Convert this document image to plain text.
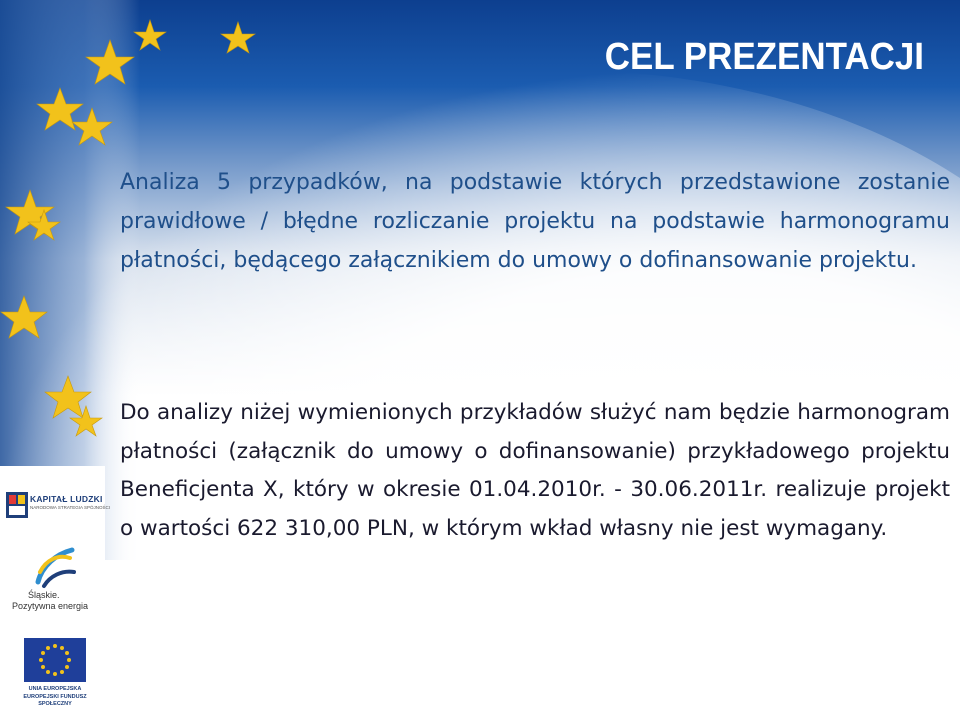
CEL PREZENTACJI
Analiza 5 przypadków, na podstawie których przedstawione zostanie prawidłowe / błędne rozliczanie projektu na podstawie harmonogramu płatności, będącego załącznikiem do umowy o dofinansowanie projektu.
Do analizy niżej wymienionych przykładów służyć nam będzie harmonogram płatności (załącznik do umowy o dofinansowanie) przykładowego projektu Beneficjenta X, który w okresie 01.04.2010r. - 30.06.2011r. realizuje projekt o wartości 622 310,00 PLN, w którym wkład własny nie jest wymagany.
KAPITAŁ LUDZKI
NARODOWA STRATEGIA SPÓJNOŚCI
Śląskie.
Pozytywna energia
UNIA EUROPEJSKA
EUROPEJSKI FUNDUSZ
SPOŁECZNY
